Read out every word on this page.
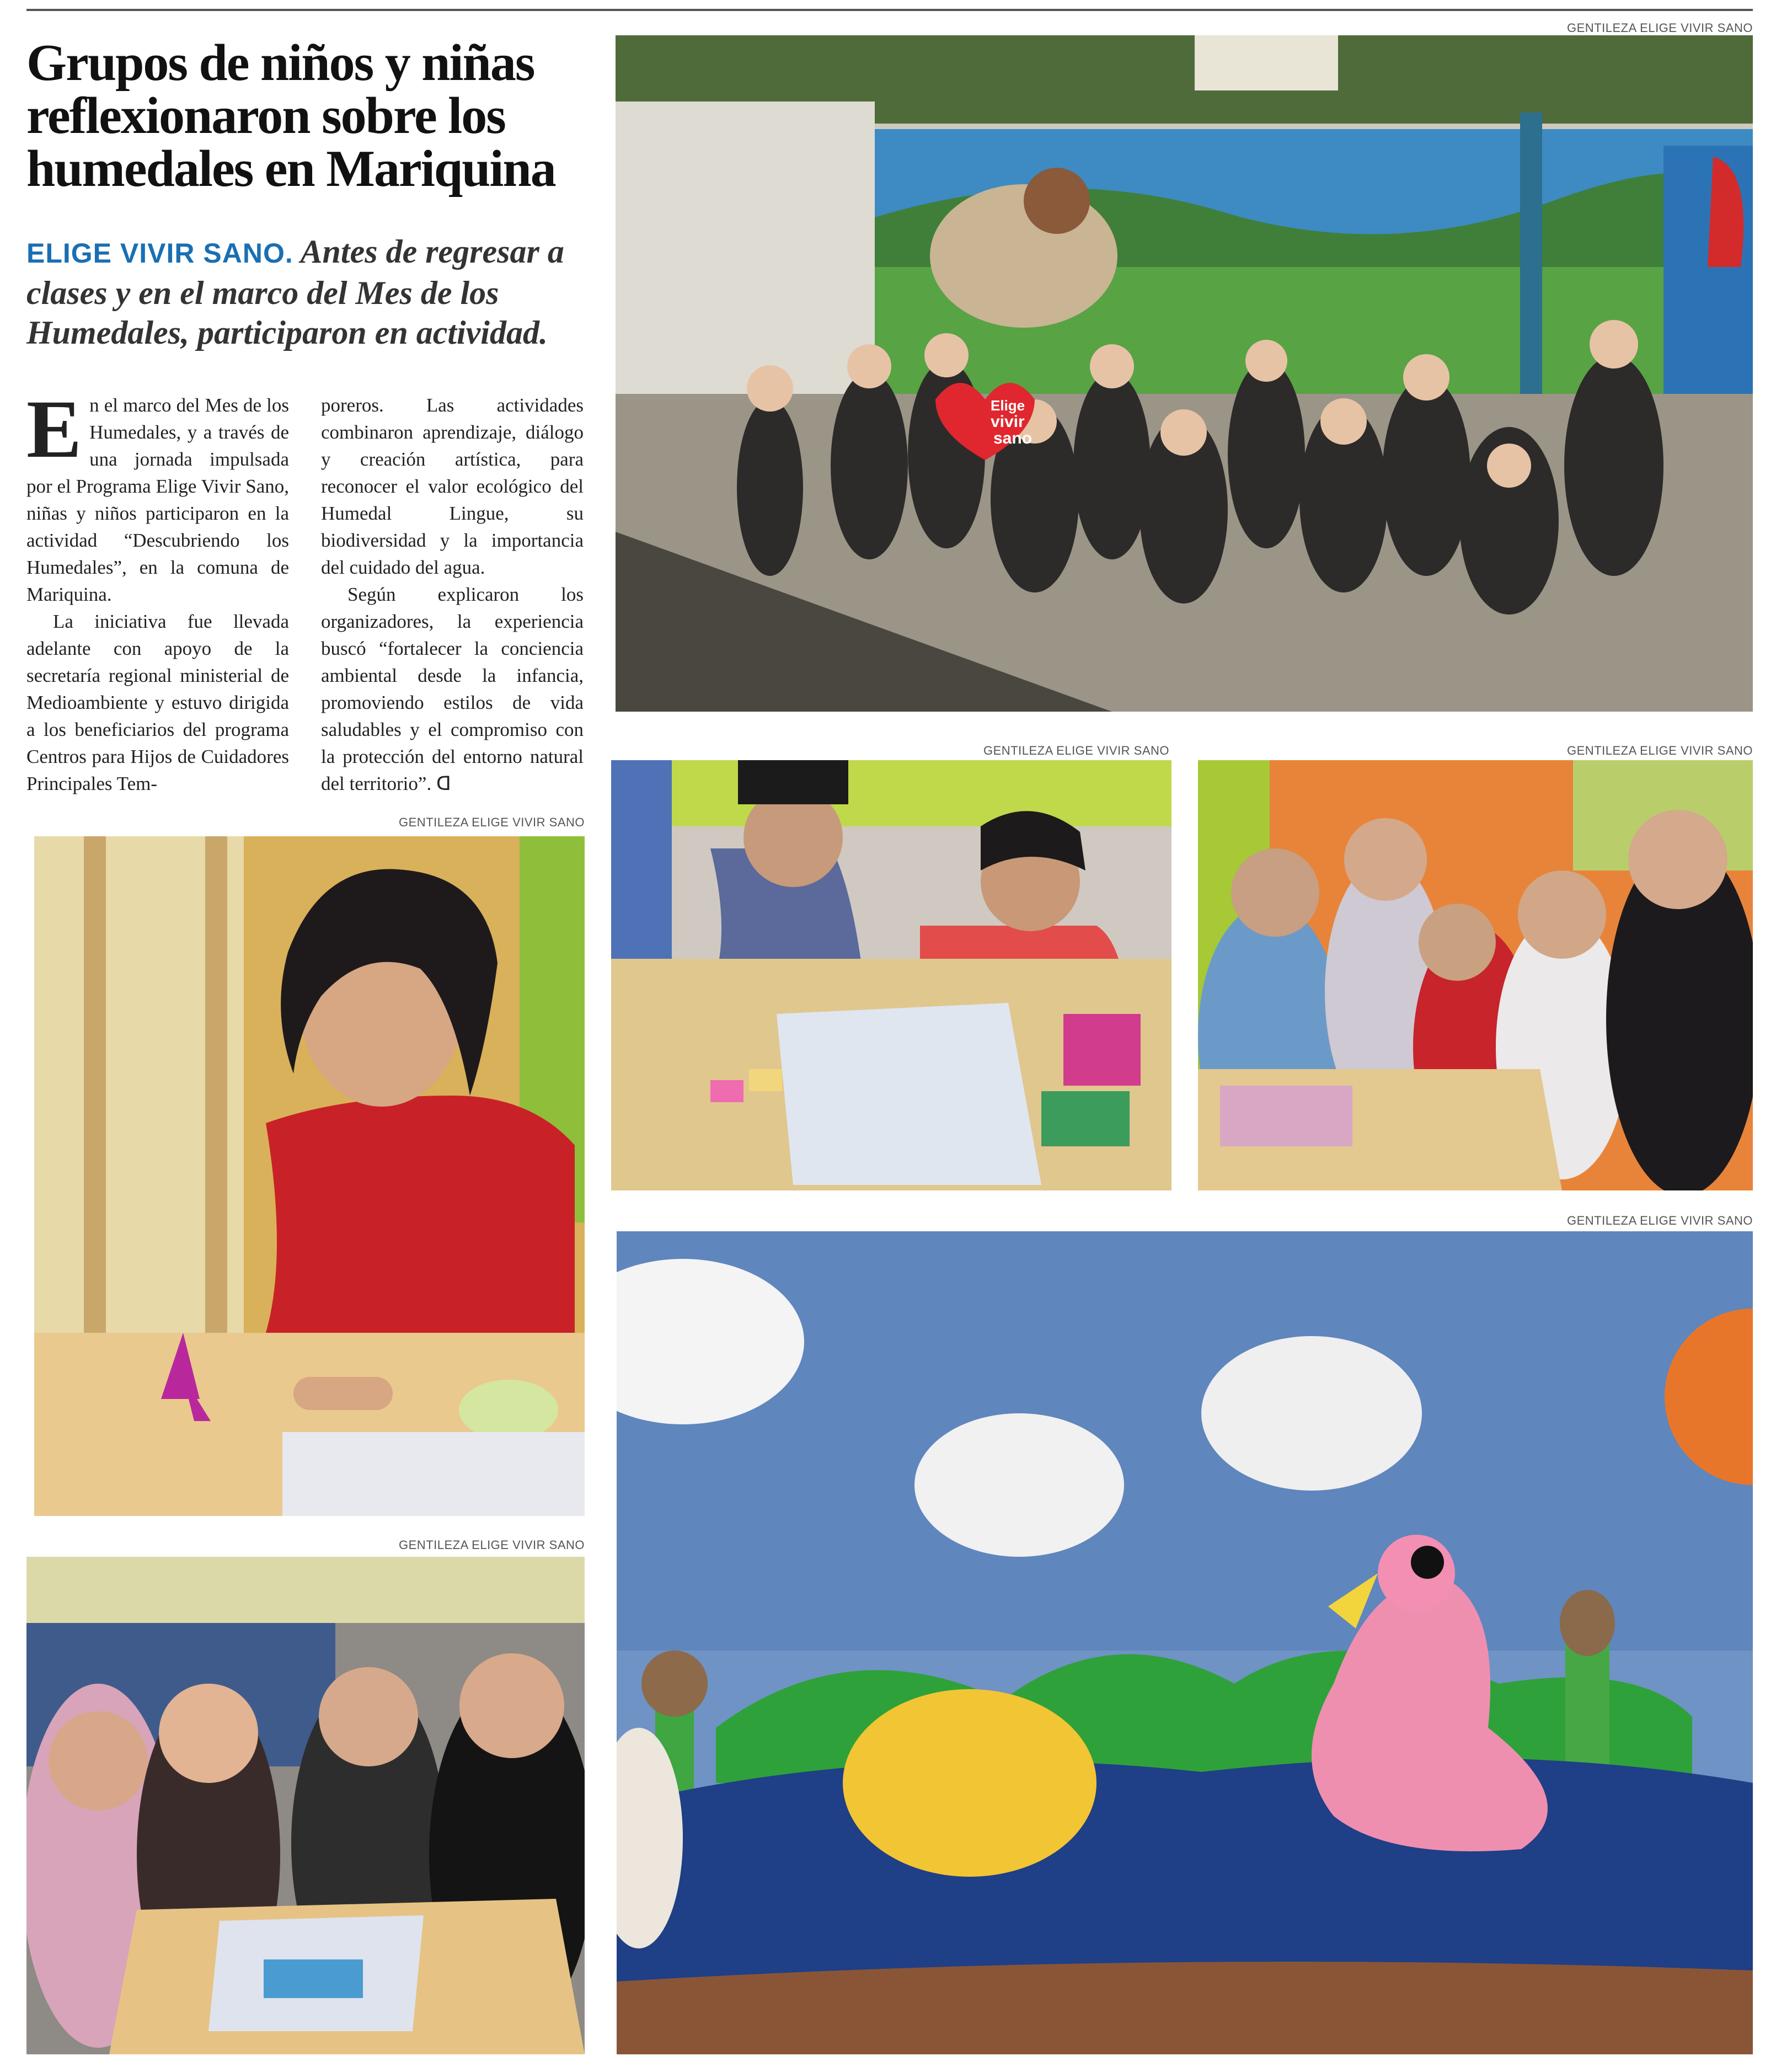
Grupos de niños y niñas reflexionaron sobre los humedales en Mariquina

ELIGE VIVIR SANO. Antes de regresar a clases y en el marco del Mes de los Humedales, participaron en actividad.

En el marco del Mes de los Humedales, y a través de una jornada impulsada por el Programa Elige Vivir Sano, niñas y niños participaron en la actividad “Descubriendo los Humedales”, en la comuna de Mariquina.

La iniciativa fue llevada adelante con apoyo de la secretaría regional ministerial de Medioambiente y estuvo dirigida a los beneficiarios del programa Centros para Hijos de Cuidadores Principales Tem-

poreros. Las actividades combinaron aprendizaje, diálogo y creación artística, para reconocer el valor ecológico del Humedal Lingue, su biodiversidad y la importancia del cuidado del agua.

Según explicaron los organizadores, la experiencia buscó “fortalecer la conciencia ambiental desde la infancia, promoviendo estilos de vida saludables y el compromiso con la protección del entorno natural del territorio”. ᗡ

GENTILEZA ELIGE VIVIR SANO
Elige
vivir
sano
GENTILEZA ELIGE VIVIR SANO
GENTILEZA ELIGE VIVIR SANO
GENTILEZA ELIGE VIVIR SANO	GENTILEZA ELIGE VIVIR SANO
GENTILEZA ELIGE VIVIR SANO
